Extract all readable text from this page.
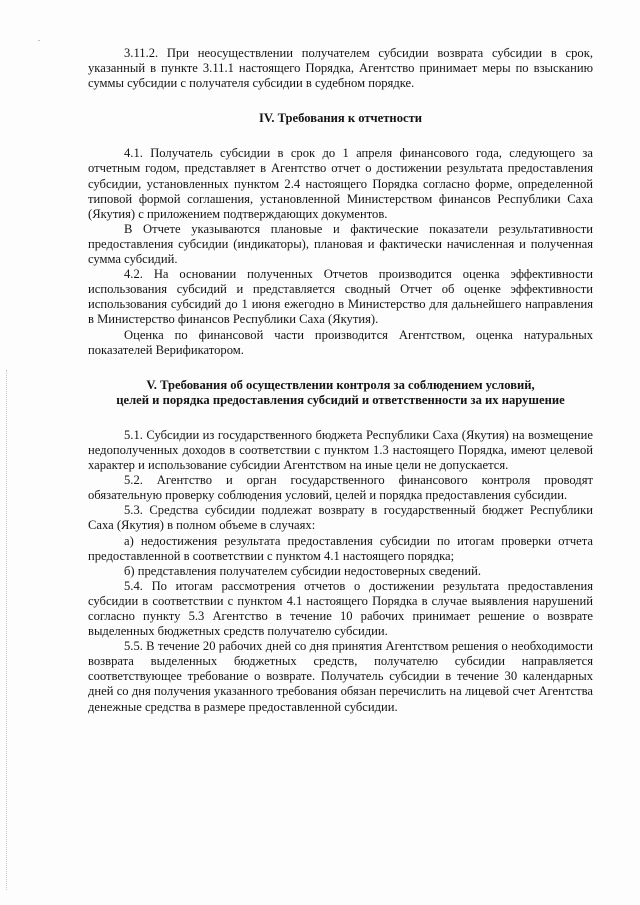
3.11.2. При неосуществлении получателем субсидии возврата субсидии в срок, указанный в пункте 3.11.1 настоящего Порядка, Агентство принимает меры по взысканию суммы субсидии с получателя субсидии в судебном порядке.

IV. Требования к отчетности

4.1. Получатель субсидии в срок до 1 апреля финансового года, следующего за отчетным годом, представляет в Агентство отчет о достижении результата предоставления субсидии, установленных пунктом 2.4 настоящего Порядка согласно форме, определенной типовой формой соглашения, установленной Министерством финансов Республики Саха (Якутия) с приложением подтверждающих документов.

В Отчете указываются плановые и фактические показатели результативности предоставления субсидии (индикаторы), плановая и фактически начисленная и полученная сумма субсидий.

4.2. На основании полученных Отчетов производится оценка эффективности использования субсидий и представляется сводный Отчет об оценке эффективности использования субсидий до 1 июня ежегодно в Министерство для дальнейшего направления в Министерство финансов Республики Саха (Якутия).

Оценка по финансовой части производится Агентством, оценка натуральных показателей Верификатором.

V. Требования об осуществлении контроля за соблюдением условий,
целей и порядка предоставления субсидий и ответственности за их нарушение

5.1. Субсидии из государственного бюджета Республики Саха (Якутия) на возмещение недополученных доходов в соответствии с пунктом 1.3 настоящего Порядка, имеют целевой характер и использование субсидии Агентством на иные цели не допускается.

5.2. Агентство и орган государственного финансового контроля проводят обязательную проверку соблюдения условий, целей и порядка предоставления субсидии.

5.3. Средства субсидии подлежат возврату в государственный бюджет Республики Саха (Якутия) в полном объеме в случаях:

а) недостижения результата предоставления субсидии по итогам проверки отчета предоставленной в соответствии с пунктом 4.1 настоящего порядка;

б) представления получателем субсидии недостоверных сведений.

5.4. По итогам рассмотрения отчетов о достижении результата предоставления субсидии в соответствии с пунктом 4.1 настоящего Порядка в случае выявления нарушений согласно пункту 5.3 Агентство в течение 10 рабочих принимает решение о возврате выделенных бюджетных средств получателю субсидии.

5.5. В течение 20 рабочих дней со дня принятия Агентством решения о необходимости возврата выделенных бюджетных средств, получателю субсидии направляется соответствующее требование о возврате. Получатель субсидии в течение 30 календарных дней со дня получения указанного требования обязан перечислить на лицевой счет Агентства денежные средства в размере предоставленной субсидии.
